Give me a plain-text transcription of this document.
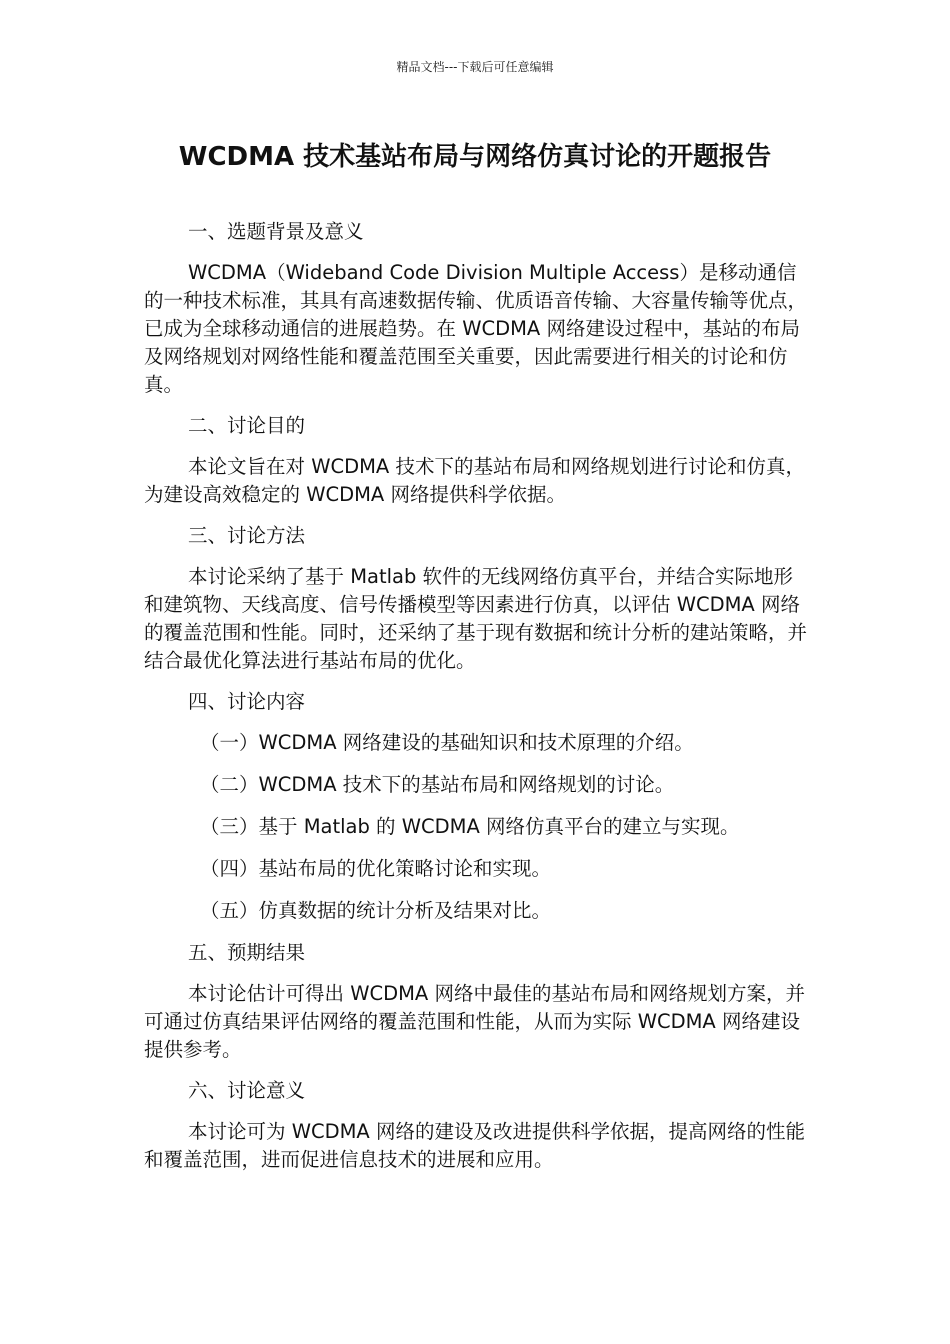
精品文档---下载后可任意编辑
WCDMA 技术基站布局与网络仿真讨论的开题报告

一、选题背景及意义

WCDMA（Wideband Code Division Multiple Access）是移动通信的一种技术标准，其具有高速数据传输、优质语音传输、大容量传输等优点，已成为全球移动通信的进展趋势。在 WCDMA 网络建设过程中，基站的布局及网络规划对网络性能和覆盖范围至关重要，因此需要进行相关的讨论和仿真。

二、讨论目的

本论文旨在对 WCDMA 技术下的基站布局和网络规划进行讨论和仿真，为建设高效稳定的 WCDMA 网络提供科学依据。

三、讨论方法

本讨论采纳了基于 Matlab 软件的无线网络仿真平台，并结合实际地形和建筑物、天线高度、信号传播模型等因素进行仿真，以评估 WCDMA 网络的覆盖范围和性能。同时，还采纳了基于现有数据和统计分析的建站策略，并结合最优化算法进行基站布局的优化。

四、讨论内容

（一）WCDMA 网络建设的基础知识和技术原理的介绍。

（二）WCDMA 技术下的基站布局和网络规划的讨论。

（三）基于 Matlab 的 WCDMA 网络仿真平台的建立与实现。

（四）基站布局的优化策略讨论和实现。

（五）仿真数据的统计分析及结果对比。

五、预期结果

本讨论估计可得出 WCDMA 网络中最佳的基站布局和网络规划方案，并可通过仿真结果评估网络的覆盖范围和性能，从而为实际 WCDMA 网络建设提供参考。

六、讨论意义

本讨论可为 WCDMA 网络的建设及改进提供科学依据，提高网络的性能和覆盖范围，进而促进信息技术的进展和应用。
